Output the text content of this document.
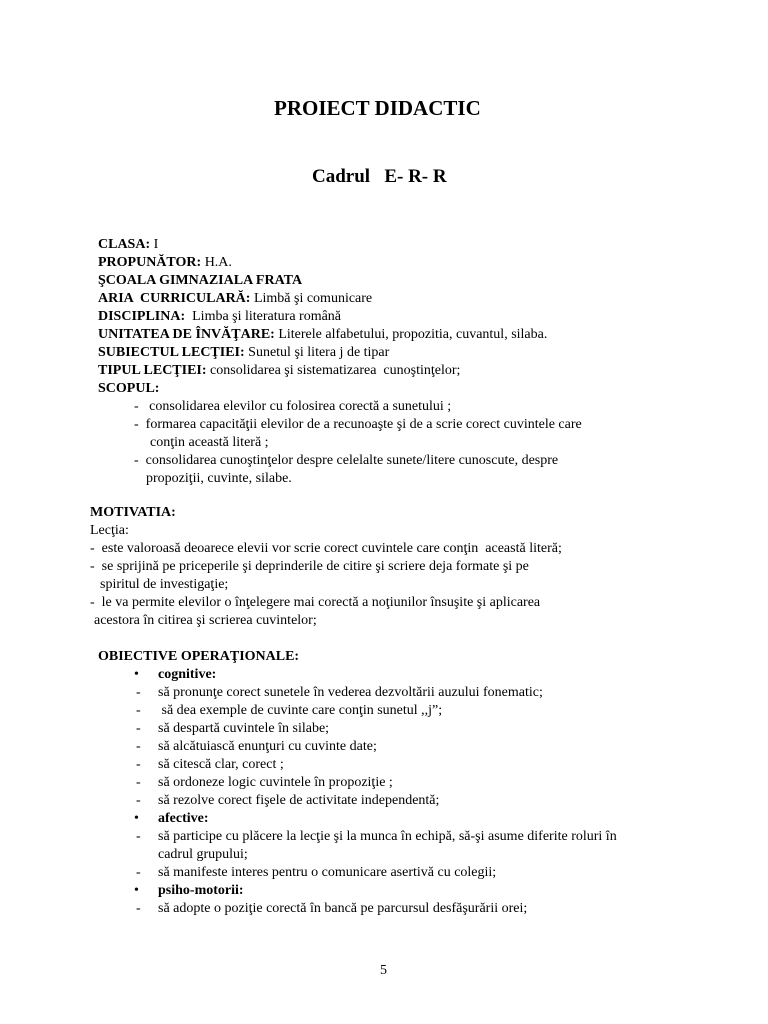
PROIECT DIDACTIC
Cadrul   E- R- R
CLASA: I
PROPUNĂTOR: H.A.
ŞCOALA GIMNAZIALA FRATA
ARIA  CURRICULARĂ: Limbă şi comunicare
DISCIPLINA:  Limba şi literatura română
UNITATEA DE ÎNVĂŢARE: Literele alfabetului, propozitia, cuvantul, silaba.
SUBIECTUL LECŢIEI: Sunetul şi litera j de tipar
TIPUL LECŢIEI: consolidarea şi sistematizarea  cunoştinţelor;
SCOPUL:
-   consolidarea elevilor cu folosirea corectă a sunetului ;
-  formarea capacităţii elevilor de a recunoaşte şi de a scrie corect cuvintele care
conţin această literă ;
-  consolidarea cunoştinţelor despre celelalte sunete/litere cunoscute, despre
propoziţii, cuvinte, silabe.
MOTIVATIA:
Lecţia:
-  este valoroasă deoarece elevii vor scrie corect cuvintele care conţin  această literă;
-  se sprijină pe priceperile şi deprinderile de citire şi scriere deja formate şi pe
spiritul de investigaţie;
-  le va permite elevilor o înţelegere mai corectă a noţiunilor însuşite şi aplicarea
acestora în citirea şi scrierea cuvintelor;
OBIECTIVE OPERAŢIONALE:
• cognitive:
- să pronunţe corect sunetele în vederea dezvoltării auzului fonematic;
- să dea exemple de cuvinte care conţin sunetul ,,j”;
- să despartă cuvintele în silabe;
- să alcătuiască enunţuri cu cuvinte date;
- să citescă clar, corect ;
- să ordoneze logic cuvintele în propoziţie ;
- să rezolve corect fişele de activitate independentă;
• afective:
- să participe cu plăcere la lecţie şi la munca în echipă, să-şi asume diferite roluri în
cadrul grupului;
- să manifeste interes pentru o comunicare asertivă cu colegii;
• psiho-motorii:
- să adopte o poziţie corectă în bancă pe parcursul desfăşurării orei;
5
